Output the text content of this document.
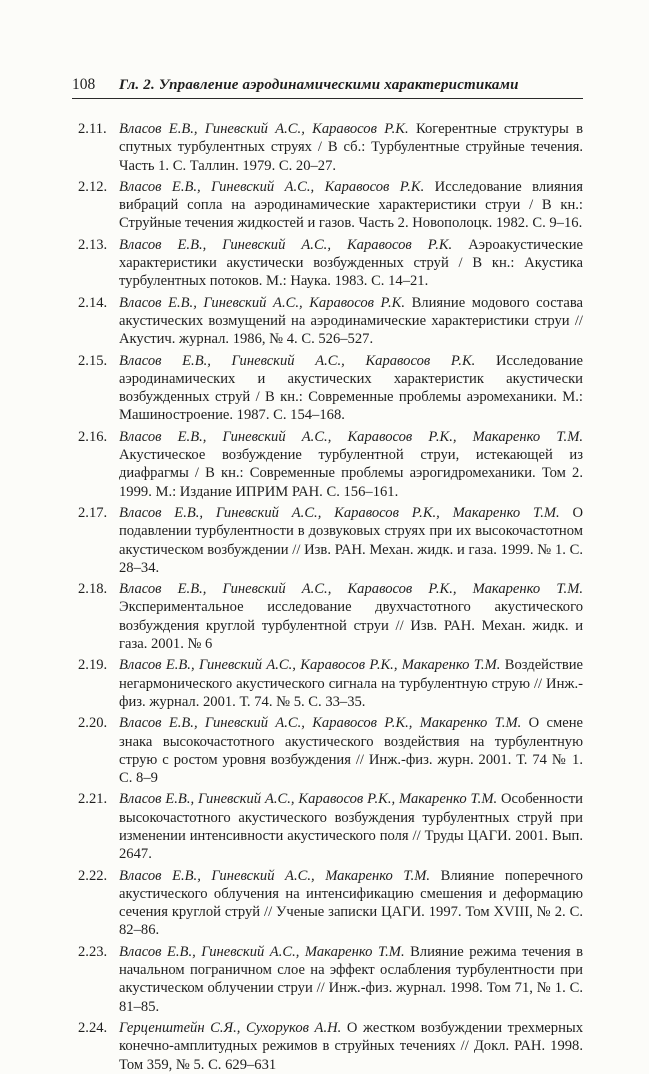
108	Гл. 2. Управление аэродинамическими характеристиками
2.11. Власов Е.В., Гиневский А.С., Каравосов Р.К. Когерентные структуры в спутных турбулентных струях / В сб.: Турбулентные струйные течения. Часть 1. С. Таллин. 1979. С. 20–27.
2.12. Власов Е.В., Гиневский А.С., Каравосов Р.К. Исследование влияния вибраций сопла на аэродинамические характеристики струи / В кн.: Струйные течения жидкостей и газов. Часть 2. Новополоцк. 1982. С. 9–16.
2.13. Власов Е.В., Гиневский А.С., Каравосов Р.К. Аэроакустические характеристики акустически возбужденных струй / В кн.: Акустика турбулентных потоков. М.: Наука. 1983. С. 14–21.
2.14. Власов Е.В., Гиневский А.С., Каравосов Р.К. Влияние модового состава акустических возмущений на аэродинамические характеристики струи // Акустич. журнал. 1986, № 4. С. 526–527.
2.15. Власов Е.В., Гиневский А.С., Каравосов Р.К. Исследование аэродинамических и акустических характеристик акустически возбужденных струй / В кн.: Современные проблемы аэромеханики. М.: Машиностроение. 1987. С. 154–168.
2.16. Власов Е.В., Гиневский А.С., Каравосов Р.К., Макаренко Т.М. Акустическое возбуждение турбулентной струи, истекающей из диафрагмы / В кн.: Современные проблемы аэрогидромеханики. Том 2. 1999. М.: Издание ИПРИМ РАН. С. 156–161.
2.17. Власов Е.В., Гиневский А.С., Каравосов Р.К., Макаренко Т.М. О подавлении турбулентности в дозвуковых струях при их высокочастотном акустическом возбуждении // Изв. РАН. Механ. жидк. и газа. 1999. № 1. С. 28–34.
2.18. Власов Е.В., Гиневский А.С., Каравосов Р.К., Макаренко Т.М. Экспериментальное исследование двухчастотного акустического возбуждения круглой турбулентной струи // Изв. РАН. Механ. жидк. и газа. 2001. № 6
2.19. Власов Е.В., Гиневский А.С., Каравосов Р.К., Макаренко Т.М. Воздействие негармонического акустического сигнала на турбулентную струю // Инж.-физ. журнал. 2001. Т. 74. № 5. С. 33–35.
2.20. Власов Е.В., Гиневский А.С., Каравосов Р.К., Макаренко Т.М. О смене знака высокочастотного акустического воздействия на турбулентную струю с ростом уровня возбуждения // Инж.-физ. журн. 2001. Т. 74 № 1. С. 8–9
2.21. Власов Е.В., Гиневский А.С., Каравосов Р.К., Макаренко Т.М. Особенности высокочастотного акустического возбуждения турбулентных струй при изменении интенсивности акустического поля // Труды ЦАГИ. 2001. Вып. 2647.
2.22. Власов Е.В., Гиневский А.С., Макаренко Т.М. Влияние поперечного акустического облучения на интенсификацию смешения и деформацию сечения круглой струй // Ученые записки ЦАГИ. 1997. Том XVIII, № 2. С. 82–86.
2.23. Власов Е.В., Гиневский А.С., Макаренко Т.М. Влияние режима течения в начальном пограничном слое на эффект ослабления турбулентности при акустическом облучении струи // Инж.-физ. журнал. 1998. Том 71, № 1. С. 81–85.
2.24. Герценштейн С.Я., Сухоруков А.Н. О жестком возбуждении трехмерных конечно-амплитудных режимов в струйных течениях // Докл. РАН. 1998. Том 359, № 5. С. 629–631
